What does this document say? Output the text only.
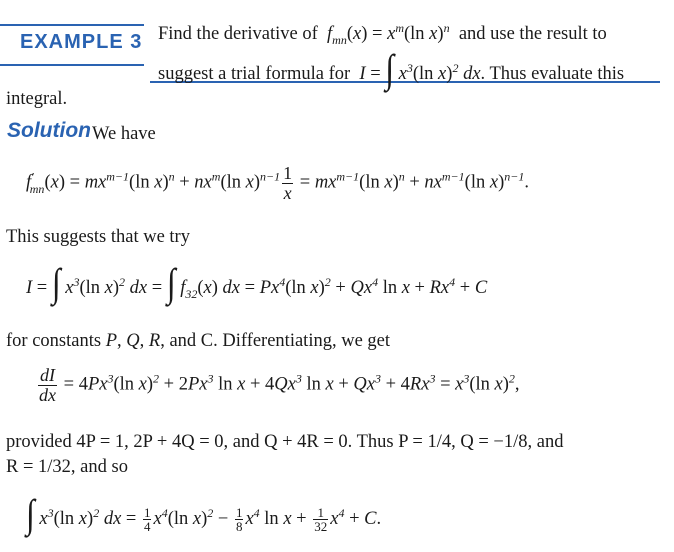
EXAMPLE 3 Find the derivative of  $f_{mn}(x) = x^m(\ln$ x)$^n$ and use the result to
suggest a trial formula for  I = ∫ $x^3(\ln$ x)$^2$ dx. Thus evaluate this
integral.
Solution We have
$f'_{mn}(x) = mx^{m-1}(\ln$ $x)^n + nx^m(\ln$ $x)^{n-1} \frac{1}{x} = mx^{m-1}(\ln$ $x)^n + nx^{m-1}(\ln$ x)$^{n-1}$.
This suggests that we try
I = ∫ $x^3(\ln$ x)$^2$ dx = ∫ $f_{32}(x)$ dx = $Px^4(\ln$ $x)^2 + Qx^4$ $\ln x + Rx^4 + C$
for constants P, Q, R, and C. Differentiating, we get
$\frac{dI}{dx} = 4Px^3(\ln$ $x)^2 + 2Px^3$ $\ln x + 4Qx^3$ $\ln x + Qx^3 + 4Rx^3 = x^3(\ln$ x)$^2$,
provided 4P = 1, 2P + 4Q = 0, and Q + 4R = 0. Thus P = 1/4, Q = −1/8, and
R = 1/32, and so
∫ $x^3(\ln$ x)$^2$ dx = $\frac{1}{4} x^4(\ln$ $x)^2 - \frac{1}{8} x^4$ $\ln x + \frac{1}{32} x^4 + C$.
